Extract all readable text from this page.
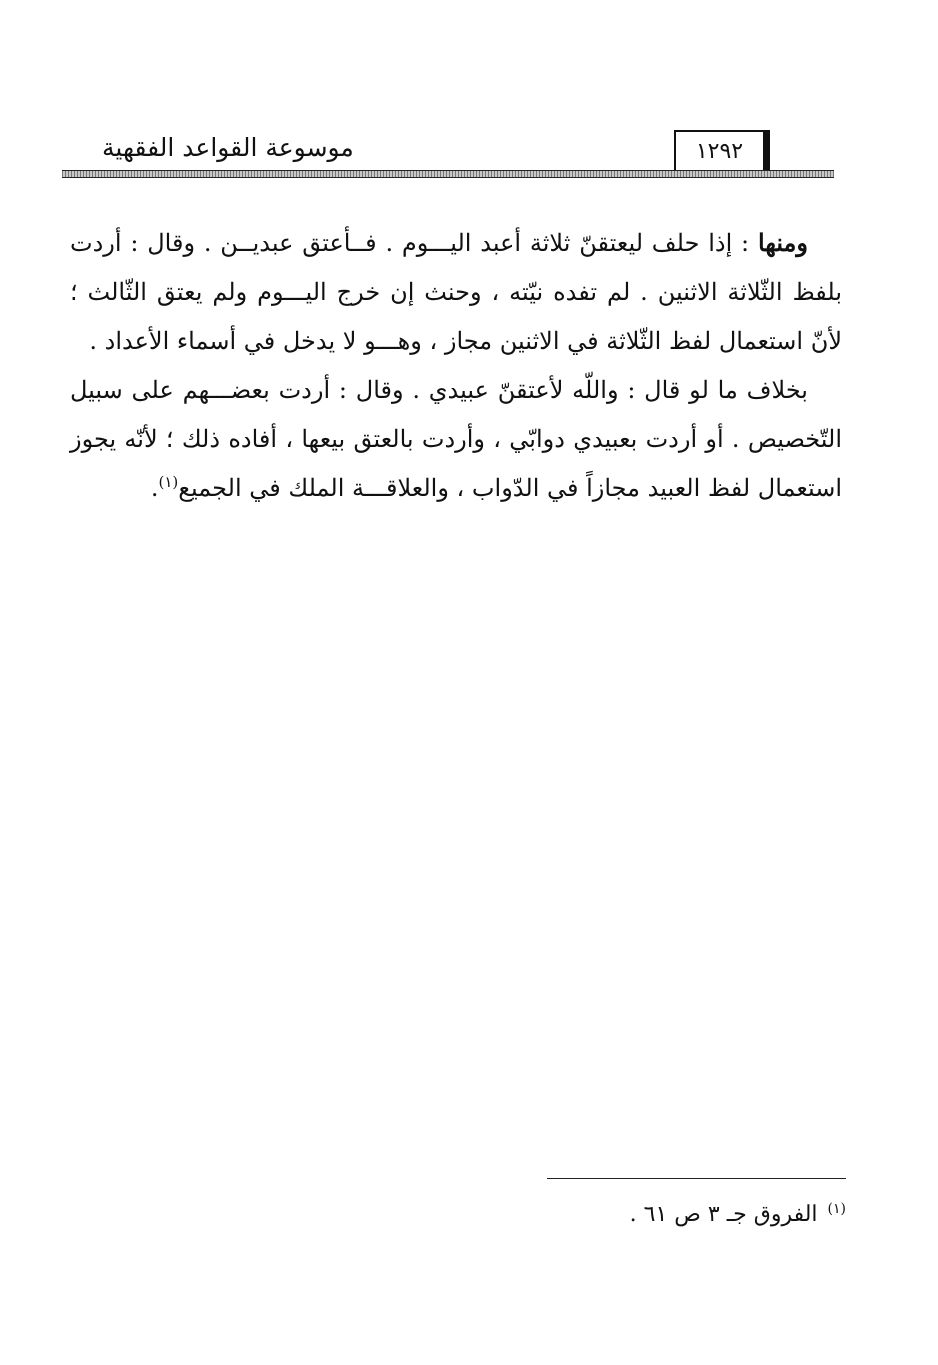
موسوعة القواعد الفقهية	١٢٩٢

ومنها : إذا حلف ليعتقنّ ثلاثة أعبد اليـــوم . فــأعتق عبديــن . وقال : أردت بلفظ الثّلاثة الاثنين . لم تفده نيّته ، وحنث إن خرج اليـــوم ولم يعتق الثّالث ؛ لأنّ استعمال لفظ الثّلاثة في الاثنين مجاز ، وهـــو لا يدخل في أسماء الأعداد .

بخلاف ما لو قال : واللّه لأعتقنّ عبيدي . وقال : أردت بعضـــهم على سبيل التّخصيص . أو أردت بعبيدي دوابّي ، وأردت بالعتق بيعها ، أفاده ذلك ؛ لأنّه يجوز استعمال لفظ العبيد مجازاً في الدّواب ، والعلاقـــة الملك في الجميع$^{(١)}$.

$^{(١)}$الفروق جـ ٣ ص ٦١ .
